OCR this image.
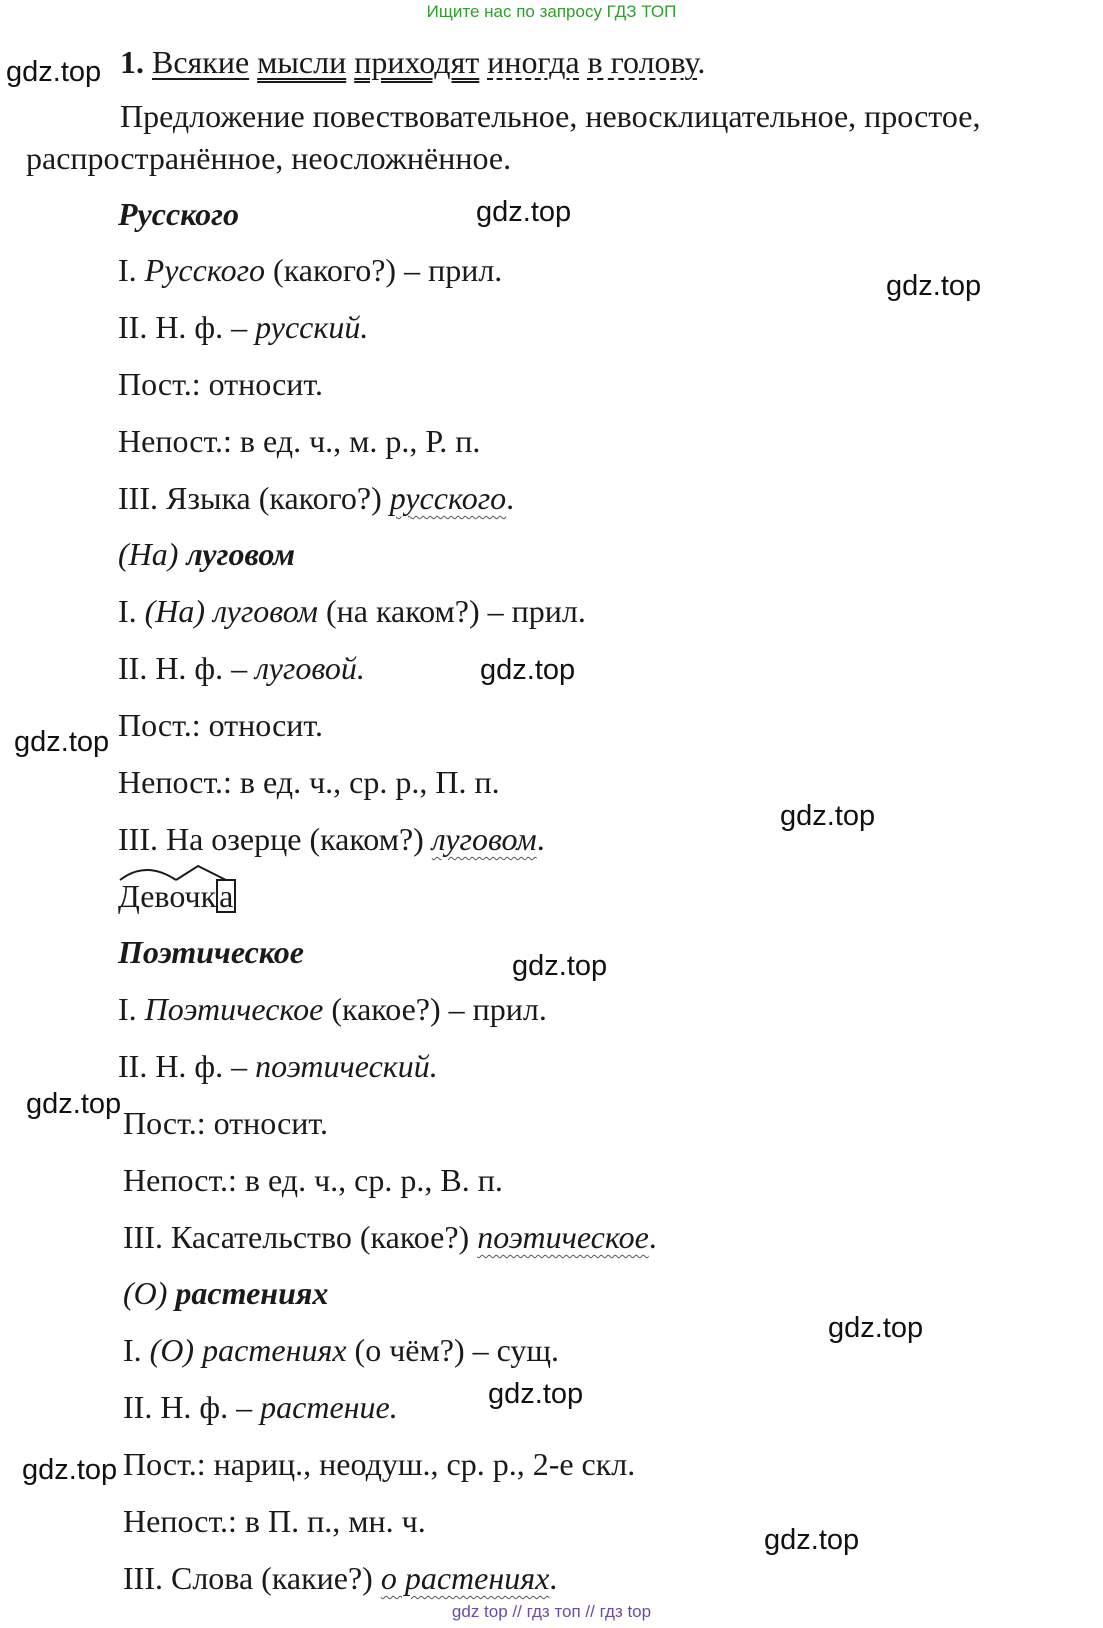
Ищите нас по запросу ГДЗ ТОП
1. Всякие мысли приходят иногда в голову.
Предложение повествовательное, невосклицательное, простое,
распространённое, неосложнённое.
Русского
I. Русского (какого?) – прил.
II. Н. ф. – русский.
Пост.: относит.
Непост.: в ед. ч., м. р., Р. п.
III. Языка (какого?) русского.
(На) луговом
I. (На) луговом (на каком?) – прил.
II. Н. ф. – луговой.
Пост.: относит.
Непост.: в ед. ч., ср. р., П. п.
III. На озерце (каком?) луговом.
Девочка
Поэтическое
I. Поэтическое (какое?) – прил.
II. Н. ф. – поэтический.
Пост.: относит.
Непост.: в ед. ч., ср. р., В. п.
III. Касательство (какое?) поэтическое.
(О) растениях
I. (О) растениях (о чём?) – сущ.
II. Н. ф. – растение.
Пост.: нариц., неодуш., ср. р., 2-е скл.
Непост.: в П. п., мн. ч.
III. Слова (какие?) о растениях.
gdz.top
gdz.top
gdz.top
gdz.top
gdz.top
gdz.top
gdz.top
gdz.top
gdz.top
gdz.top
gdz.top
gdz.top
gdz top // гдз топ // гдз top
